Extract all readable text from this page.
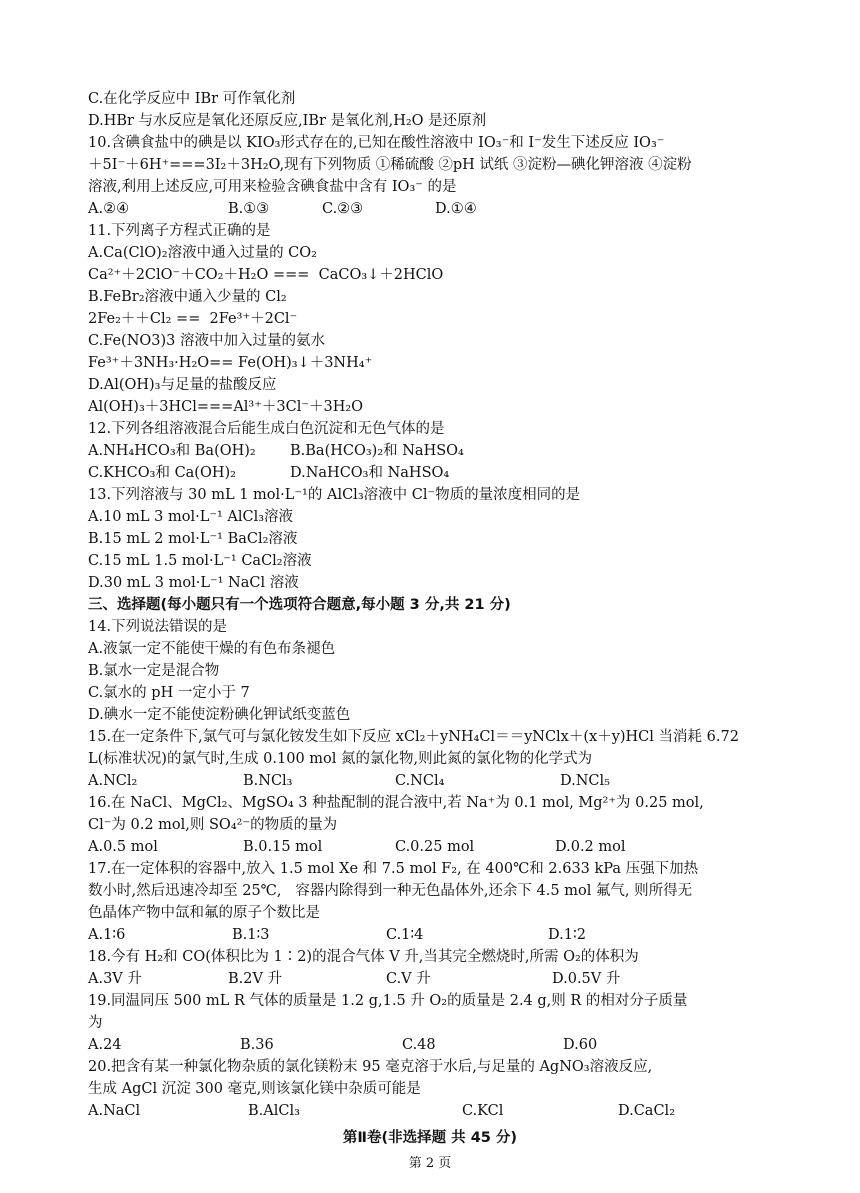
C.在化学反应中 IBr 可作氧化剂
D.HBr 与水反应是氧化还原反应,IBr 是氧化剂,H₂O 是还原剂
10.含碘食盐中的碘是以 KIO₃形式存在的,已知在酸性溶液中 IO₃⁻和 I⁻发生下述反应 IO₃⁻
＋5I⁻＋6H⁺===3I₂＋3H₂O,现有下列物质 ①稀硫酸 ②pH 试纸 ③淀粉—碘化钾溶液 ④淀粉
溶液,利用上述反应,可用来检验含碘食盐中含有 IO₃⁻ 的是
A.②④	B.①③	C.②③	D.①④
11.下列离子方程式正确的是
A.Ca(ClO)₂溶液中通入过量的 CO₂
Ca²⁺＋2ClO⁻＋CO₂＋H₂O ===  CaCO₃↓＋2HClO
B.FeBr₂溶液中通入少量的 Cl₂
2Fe₂＋＋Cl₂ ==  2Fe³⁺＋2Cl⁻
C.Fe(NO3)3 溶液中加入过量的氨水
Fe³⁺＋3NH₃·H₂O== Fe(OH)₃↓＋3NH₄⁺
D.Al(OH)₃与足量的盐酸反应
Al(OH)₃＋3HCl===Al³⁺＋3Cl⁻＋3H₂O
12.下列各组溶液混合后能生成白色沉淀和无色气体的是
A.NH₄HCO₃和 Ba(OH)₂ B.Ba(HCO₃)₂和 NaHSO₄
C.KHCO₃和 Ca(OH)₂	D.NaHCO₃和 NaHSO₄
13.下列溶液与 30 mL 1 mol·L⁻¹的 AlCl₃溶液中 Cl⁻物质的量浓度相同的是
A.10 mL 3 mol·L⁻¹ AlCl₃溶液
B.15 mL 2 mol·L⁻¹ BaCl₂溶液
C.15 mL 1.5 mol·L⁻¹ CaCl₂溶液
D.30 mL 3 mol·L⁻¹ NaCl 溶液
三、选择题(每小题只有一个选项符合题意,每小题 3 分,共 21 分)
14.下列说法错误的是
A.液氯一定不能使干燥的有色布条褪色
B.氯水一定是混合物
C.氯水的 pH 一定小于 7
D.碘水一定不能使淀粉碘化钾试纸变蓝色
15.在一定条件下,氯气可与氯化铵发生如下反应 xCl₂＋yNH₄Cl＝＝yNClx＋(x＋y)HCl 当消耗 6.72
L(标准状况)的氯气时,生成 0.100 mol 氮的氯化物,则此氮的氯化物的化学式为
A.NCl₂	B.NCl₃	C.NCl₄	D.NCl₅
16.在 NaCl、MgCl₂、MgSO₄ 3 种盐配制的混合液中,若 Na⁺为 0.1 mol, Mg²⁺为 0.25 mol,
Cl⁻为 0.2 mol,则 SO₄²⁻的物质的量为
A.0.5 mol	B.0.15 mol	C.0.25 mol	D.0.2 mol
17.在一定体积的容器中,放入 1.5 mol Xe 和 7.5 mol F₂, 在 400℃和 2.633 kPa 压强下加热
数小时,然后迅速冷却至 25℃,   容器内除得到一种无色晶体外,还余下 4.5 mol 氟气, 则所得无
色晶体产物中氙和氟的原子个数比是
A.1∶6	B.1∶3	C.1∶4	D.1∶2
18.今有 H₂和 CO(体积比为 1∶2)的混合气体 V 升,当其完全燃烧时,所需 O₂的体积为
A.3V 升	B.2V 升	C.V 升	D.0.5V 升
19.同温同压 500 mL R 气体的质量是 1.2 g,1.5 升 O₂的质量是 2.4 g,则 R 的相对分子质量
为
A.24	B.36	C.48	D.60
20.把含有某一种氯化物杂质的氯化镁粉末 95 毫克溶于水后,与足量的 AgNO₃溶液反应,
生成 AgCl 沉淀 300 毫克,则该氯化镁中杂质可能是
A.NaCl	B.AlCl₃	C.KCl	D.CaCl₂
第Ⅱ卷(非选择题 共 45 分)
第 2 页
